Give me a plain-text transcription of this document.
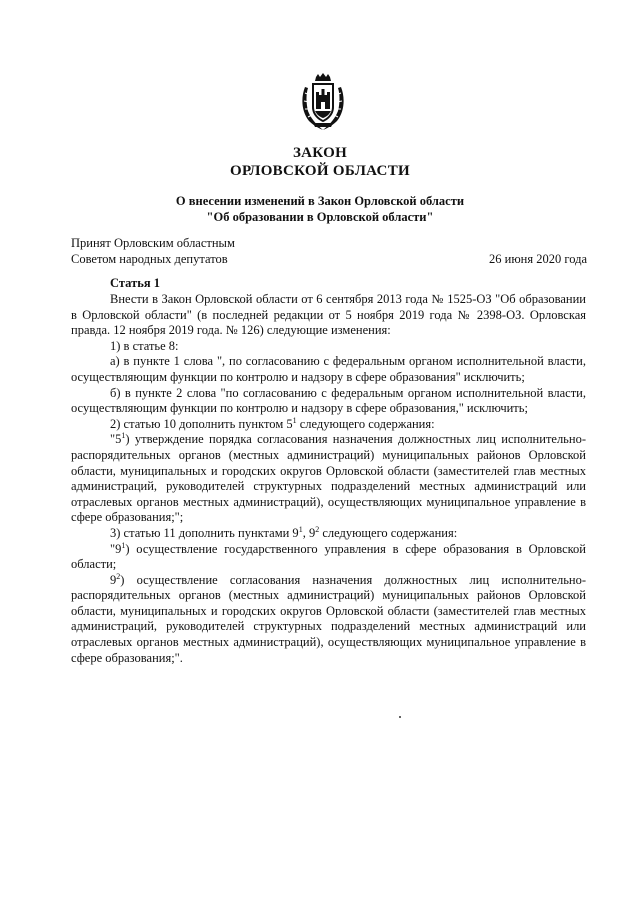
ЗАКОН
ОРЛОВСКОЙ ОБЛАСТИ
О внесении изменений в Закон Орловской области
"Об образовании в Орловской области"
Принят Орловским областным
Советом народных депутатов	26 июня 2020 года
Статья 1

Внести в Закон Орловской области от 6 сентября 2013 года № 1525-ОЗ "Об образовании в Орловской области" (в последней редакции от 5 ноября 2019 года № 2398-ОЗ. Орловская правда. 12 ноября 2019 года. № 126) следующие изменения:

1) в статье 8:

а) в пункте 1 слова ", по согласованию с федеральным органом исполнительной власти, осуществляющим функции по контролю и надзору в сфере образования" исключить;

б) в пункте 2 слова "по согласованию с федеральным органом исполнительной власти, осуществляющим функции по контролю и надзору в сфере образования," исключить;

2) статью 10 дополнить пунктом $5^1$ следующего содержания:

"$5^1$) утверждение порядка согласования назначения должностных лиц исполнительно-распорядительных органов (местных администраций) муниципальных районов Орловской области, муниципальных и городских округов Орловской области (заместителей глав местных администраций, руководителей структурных подразделений местных администраций или отраслевых органов местных администраций), осуществляющих муниципальное управление в сфере образования;";

3) статью 11 дополнить пунктами $9^1$, $9^2$ следующего содержания:

"$9^1$) осуществление государственного управления в сфере образования в Орловской области;

$9^2$) осуществление согласования назначения должностных лиц исполнительно-распорядительных органов (местных администраций) муниципальных районов Орловской области, муниципальных и городских округов Орловской области (заместителей глав местных администраций, руководителей структурных подразделений местных администраций или отраслевых органов местных администраций), осуществляющих муниципальное управление в сфере образования;".
